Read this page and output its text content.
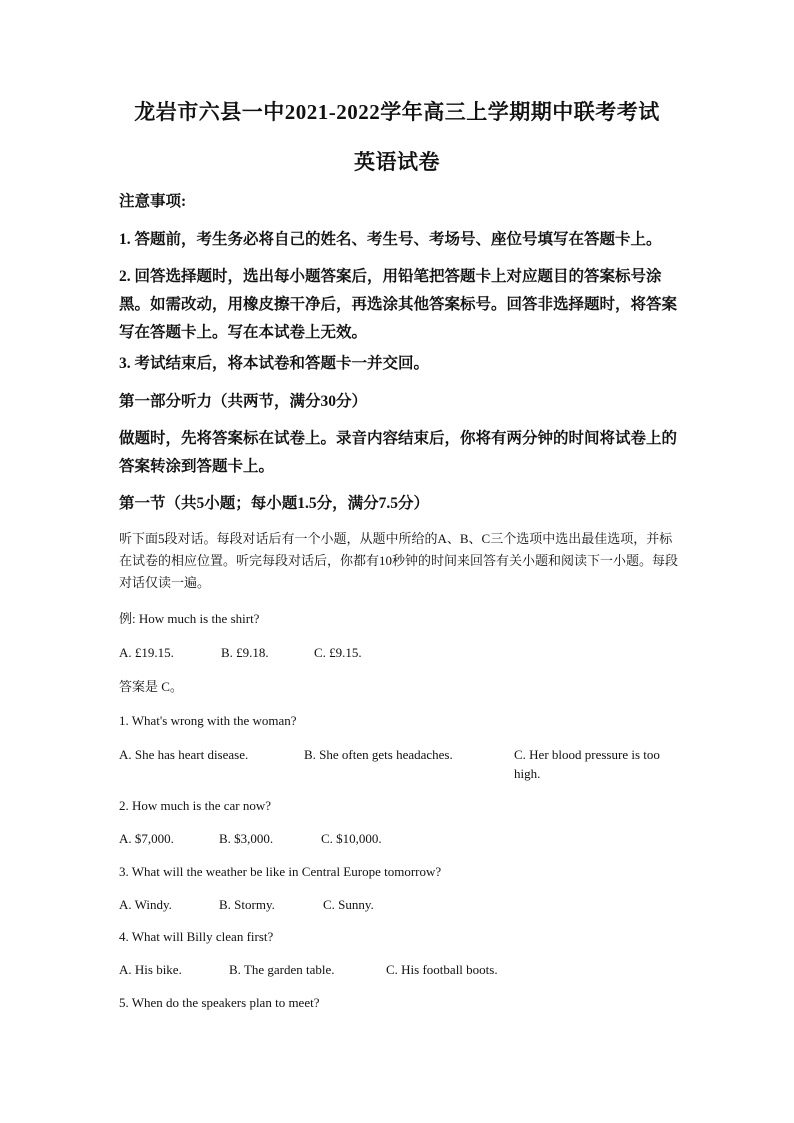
龙岩市六县一中2021-2022学年高三上学期期中联考考试
英语试卷
注意事项:
1. 答题前，考生务必将自己的姓名、考生号、考场号、座位号填写在答题卡上。
2. 回答选择题时，选出每小题答案后，用铅笔把答题卡上对应题目的答案标号涂黑。如需改动，用橡皮擦干净后，再选涂其他答案标号。回答非选择题时，将答案写在答题卡上。写在本试卷上无效。
3. 考试结束后，将本试卷和答题卡一并交回。
第一部分听力（共两节，满分30分）
做题时，先将答案标在试卷上。录音内容结束后，你将有两分钟的时间将试卷上的答案转涂到答题卡上。
第一节（共5小题；每小题1.5分，满分7.5分）
听下面5段对话。每段对话后有一个小题，从题中所给的A、B、C三个选项中选出最佳选项，并标在试卷的相应位置。听完每段对话后，你都有10秒钟的时间来回答有关小题和阅读下一小题。每段对话仅读一遍。
例: How much is the shirt?
A. £19.15.	B. £9.18.	C. £9.15.
答案是 C。
1. What's wrong with the woman?
A. She has heart disease.	B. She often gets headaches.	C. Her blood pressure is too high.
2. How much is the car now?
A. $7,000.	B. $3,000.	C. $10,000.
3. What will the weather be like in Central Europe tomorrow?
A. Windy.	B. Stormy.	C. Sunny.
4. What will Billy clean first?
A. His bike.	B. The garden table.	C. His football boots.
5. When do the speakers plan to meet?
